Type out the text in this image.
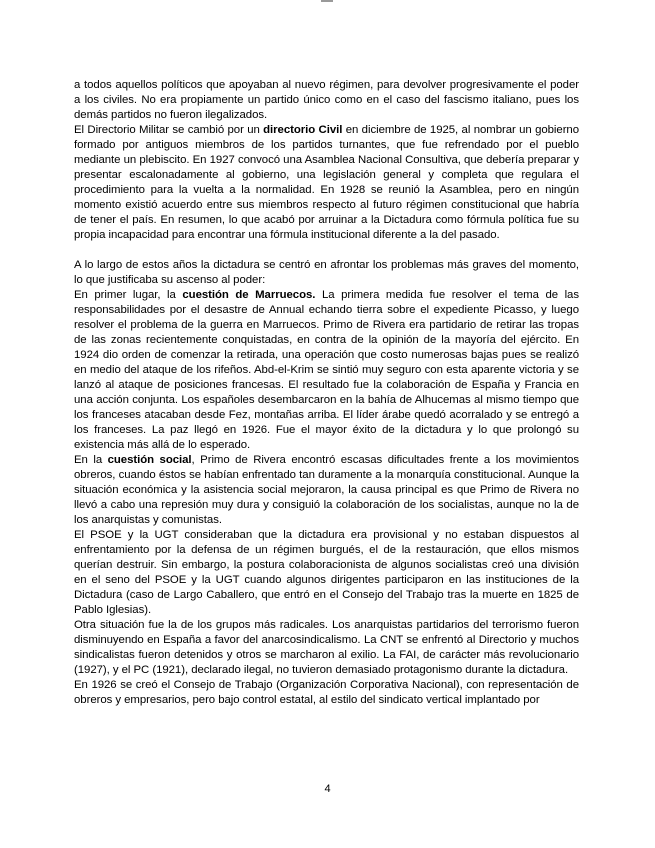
a todos aquellos políticos que apoyaban al nuevo régimen, para devolver progresivamente el poder a los civiles. No era propiamente un partido único como en el caso del fascismo italiano, pues los demás partidos no fueron ilegalizados.

El Directorio Militar se cambió por un directorio Civil en diciembre de 1925, al nombrar un gobierno formado por antiguos miembros de los partidos turnantes, que fue refrendado por el pueblo mediante un plebiscito. En 1927 convocó una Asamblea Nacional Consultiva, que debería preparar y presentar escalonadamente al gobierno, una legislación general y completa que regulara el procedimiento para la vuelta a la normalidad. En 1928 se reunió la Asamblea, pero en ningún momento existió acuerdo entre sus miembros respecto al futuro régimen constitucional que habría de tener el país. En resumen, lo que acabó por arruinar a la Dictadura como fórmula política fue su propia incapacidad para encontrar una fórmula institucional diferente a la del pasado.

A lo largo de estos años la dictadura se centró en afrontar los problemas más graves del momento, lo que justificaba su ascenso al poder:

En primer lugar, la cuestión de Marruecos. La primera medida fue resolver el tema de las responsabilidades por el desastre de Annual echando tierra sobre el expediente Picasso, y luego resolver el problema de la guerra en Marruecos. Primo de Rivera era partidario de retirar las tropas de las zonas recientemente conquistadas, en contra de la opinión de la mayoría del ejército. En 1924 dio orden de comenzar la retirada, una operación que costo numerosas bajas pues se realizó en medio del ataque de los rifeños. Abd-el-Krim se sintió muy seguro con esta aparente victoria y se lanzó al ataque de posiciones francesas. El resultado fue la colaboración de España y Francia en una acción conjunta. Los españoles desembarcaron en la bahía de Alhucemas al mismo tiempo que los franceses atacaban desde Fez, montañas arriba. El líder árabe quedó acorralado y se entregó a los franceses. La paz llegó en 1926. Fue el mayor éxito de la dictadura y lo que prolongó su existencia más allá de lo esperado.

En la cuestión social, Primo de Rivera encontró escasas dificultades frente a los movimientos obreros, cuando éstos se habían enfrentado tan duramente a la monarquía constitucional. Aunque la situación económica y la asistencia social mejoraron, la causa principal es que Primo de Rivera no llevó a cabo una represión muy dura y consiguió la colaboración de los socialistas, aunque no la de los anarquistas y comunistas.

El PSOE y la UGT consideraban que la dictadura era provisional y no estaban dispuestos al enfrentamiento por la defensa de un régimen burgués, el de la restauración, que ellos mismos querían destruir. Sin embargo, la postura colaboracionista de algunos socialistas creó una división en el seno del PSOE y la UGT cuando algunos dirigentes participaron en las instituciones de la Dictadura (caso de Largo Caballero, que entró en el Consejo del Trabajo tras la muerte en 1825 de Pablo Iglesias).

Otra situación fue la de los grupos más radicales. Los anarquistas partidarios del terrorismo fueron disminuyendo en España a favor del anarcosindicalismo. La CNT se enfrentó al Directorio y muchos sindicalistas fueron detenidos y otros se marcharon al exilio. La FAI, de carácter más revolucionario (1927), y el PC (1921), declarado ilegal, no tuvieron demasiado protagonismo durante la dictadura.

En 1926 se creó el Consejo de Trabajo (Organización Corporativa Nacional), con representación de obreros y empresarios, pero bajo control estatal, al estilo del sindicato vertical implantado por

4
